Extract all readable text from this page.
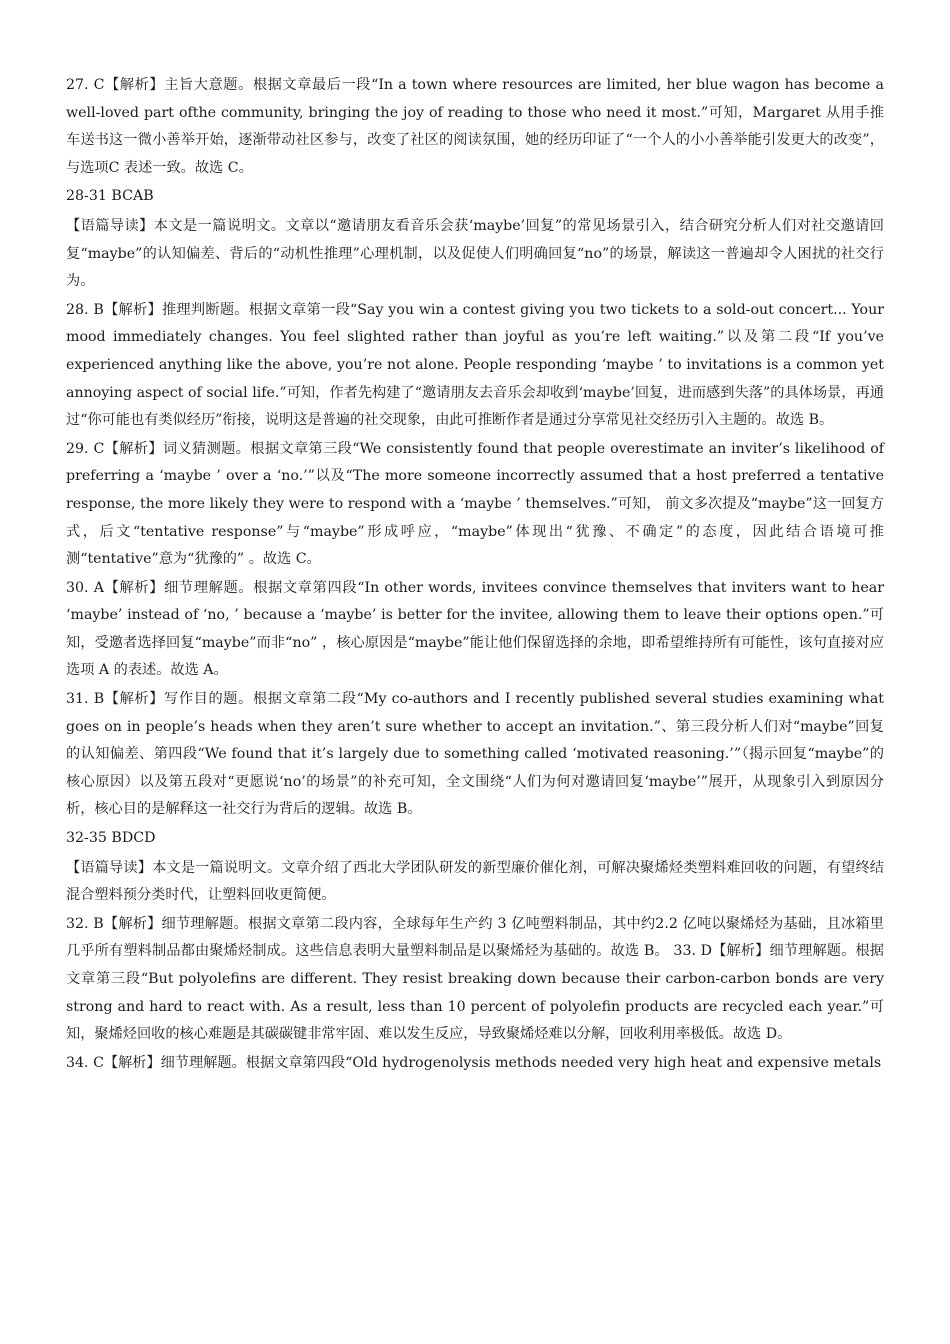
27. C【解析】主旨大意题。根据文章最后一段“In a town where resources are limited, her blue wagon has become a well-loved part ofthe community, bringing the joy of reading to those who need it most.”可知，Margaret 从用手推车送书这一微小善举开始，逐渐带动社区参与，改变了社区的阅读氛围，她的经历印证了“一个人的小小善举能引发更大的改变”，与选项C 表述一致。故选 C。

28-31 BCAB

【语篇导读】本文是一篇说明文。文章以“邀请朋友看音乐会获‘maybe’回复”的常见场景引入，结合研究分析人们对社交邀请回复“maybe”的认知偏差、背后的“动机性推理”心理机制，以及促使人们明确回复“no”的场景，解读这一普遍却令人困扰的社交行为。

28. B【解析】推理判断题。根据文章第一段“Say you win a contest giving you two tickets to a sold-out concert... Your mood immediately changes. You feel slighted rather than joyful as you’re left waiting.”以及第二段“If you’ve experienced anything like the above, you’re not alone. People responding ‘maybe ’ to invitations is a common yet annoying aspect of social life.”可知，作者先构建了“邀请朋友去音乐会却收到‘maybe’回复，进而感到失落”的具体场景，再通过“你可能也有类似经历”衔接，说明这是普遍的社交现象，由此可推断作者是通过分享常见社交经历引入主题的。故选 B。

29. C【解析】词义猜测题。根据文章第三段“We consistently found that people overestimate an inviter’s likelihood of preferring a ‘maybe ’ over a ‘no.’”以及“The more someone incorrectly assumed that a host preferred a tentative response, the more likely they were to respond with a ‘maybe ’ themselves.”可知， 前文多次提及“maybe”这一回复方式，后文“tentative response”与“maybe”形成呼应，“maybe”体现出“犹豫、不确定”的态度，因此结合语境可推测“tentative”意为“犹豫的” 。故选 C。

30. A【解析】细节理解题。根据文章第四段“In other words, invitees convince themselves that inviters want to hear ‘maybe’ instead of ‘no, ’ because a ‘maybe’ is better for the invitee, allowing them to leave their options open.”可知，受邀者选择回复“maybe”而非“no” ，核心原因是“maybe”能让他们保留选择的余地，即希望维持所有可能性，该句直接对应选项 A 的表述。故选 A。

31. B【解析】写作目的题。根据文章第二段“My co-authors and I recently published several studies examining what goes on in people’s heads when they aren’t sure whether to accept an invitation.”、第三段分析人们对“maybe”回复的认知偏差、第四段“We found that it’s largely due to something called ‘motivated reasoning.’”（揭示回复“maybe”的核心原因）以及第五段对“更愿说‘no’的场景”的补充可知，全文围绕“人们为何对邀请回复‘maybe’”展开，从现象引入到原因分析，核心目的是解释这一社交行为背后的逻辑。故选 B。

32-35 BDCD

【语篇导读】本文是一篇说明文。文章介绍了西北大学团队研发的新型廉价催化剂，可解决聚烯烃类塑料难回收的问题，有望终结混合塑料预分类时代，让塑料回收更简便。

32. B【解析】细节理解题。根据文章第二段内容，全球每年生产约 3 亿吨塑料制品，其中约2.2 亿吨以聚烯烃为基础，且冰箱里几乎所有塑料制品都由聚烯烃制成。这些信息表明大量塑料制品是以聚烯烃为基础的。故选 B。 33. D【解析】细节理解题。根据文章第三段“But polyolefins are different. They resist breaking down because their carbon-carbon bonds are very strong and hard to react with. As a result, less than 10 percent of polyolefin products are recycled each year.”可知，聚烯烃回收的核心难题是其碳碳键非常牢固、难以发生反应，导致聚烯烃难以分解，回收利用率极低。故选 D。

34. C【解析】细节理解题。根据文章第四段“Old hydrogenolysis methods needed very high heat and expensive metals
